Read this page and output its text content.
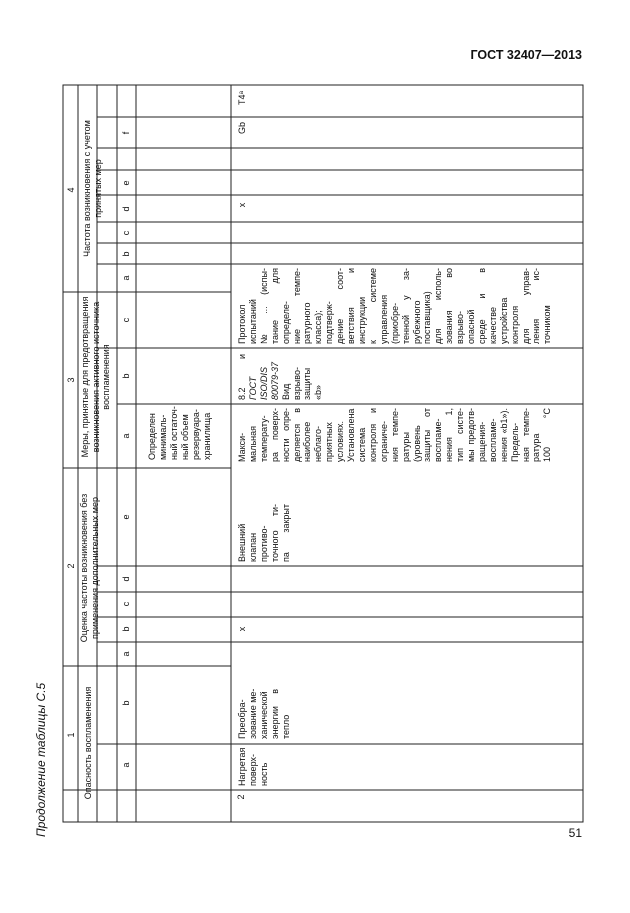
ГОСТ 32407—2013
51
Продолжение таблицы С.5 1
2
3
4
Опасность воспламенения
Оценка частоты возникновения без применения дополнительных мер
Меры, принятые для предотвращения возникновения активного источника воспламенения
Частота возникновения с учетом принятых мер
а
b
а
b
c
d
e
а
b
c
а
b
c
d
e
f
Определен минималь- ный остаточ- ный объем резервуара- хранилища
2
Нагретая поверх- ность
Преобра- зование ме- ханической энергии в тепло
x
Внешний клапан противо- точного ти- па закрыт
Макси- мальная температу- ра поверх- ности опре- деляется в наиболее неблаго- приятных условиях. Установлена система контроля и ограниче- ния темпе- ратуры (уровень защиты от воспламе- нения 1, тип систе- мы предотв- ращения- воспламе- нения «b1»). Предель- ная темпе- ратура 100 °С
8.2 и ГОСТ ISO/DIS 80079-37 Вид взрыво- защиты «b»
Протокол испытаний № ... (испы- тание для определе- ние темпе- ратурного класса); подтверж- дение соот- ветствия и инструкции к системе управления (приобре- тенной у за- рубежного поставщика) для исполь- зования во взрыво- опасной среде и в качестве устройства контроля для управ- ления ис- точником
x
Gb
T4ᵃ
